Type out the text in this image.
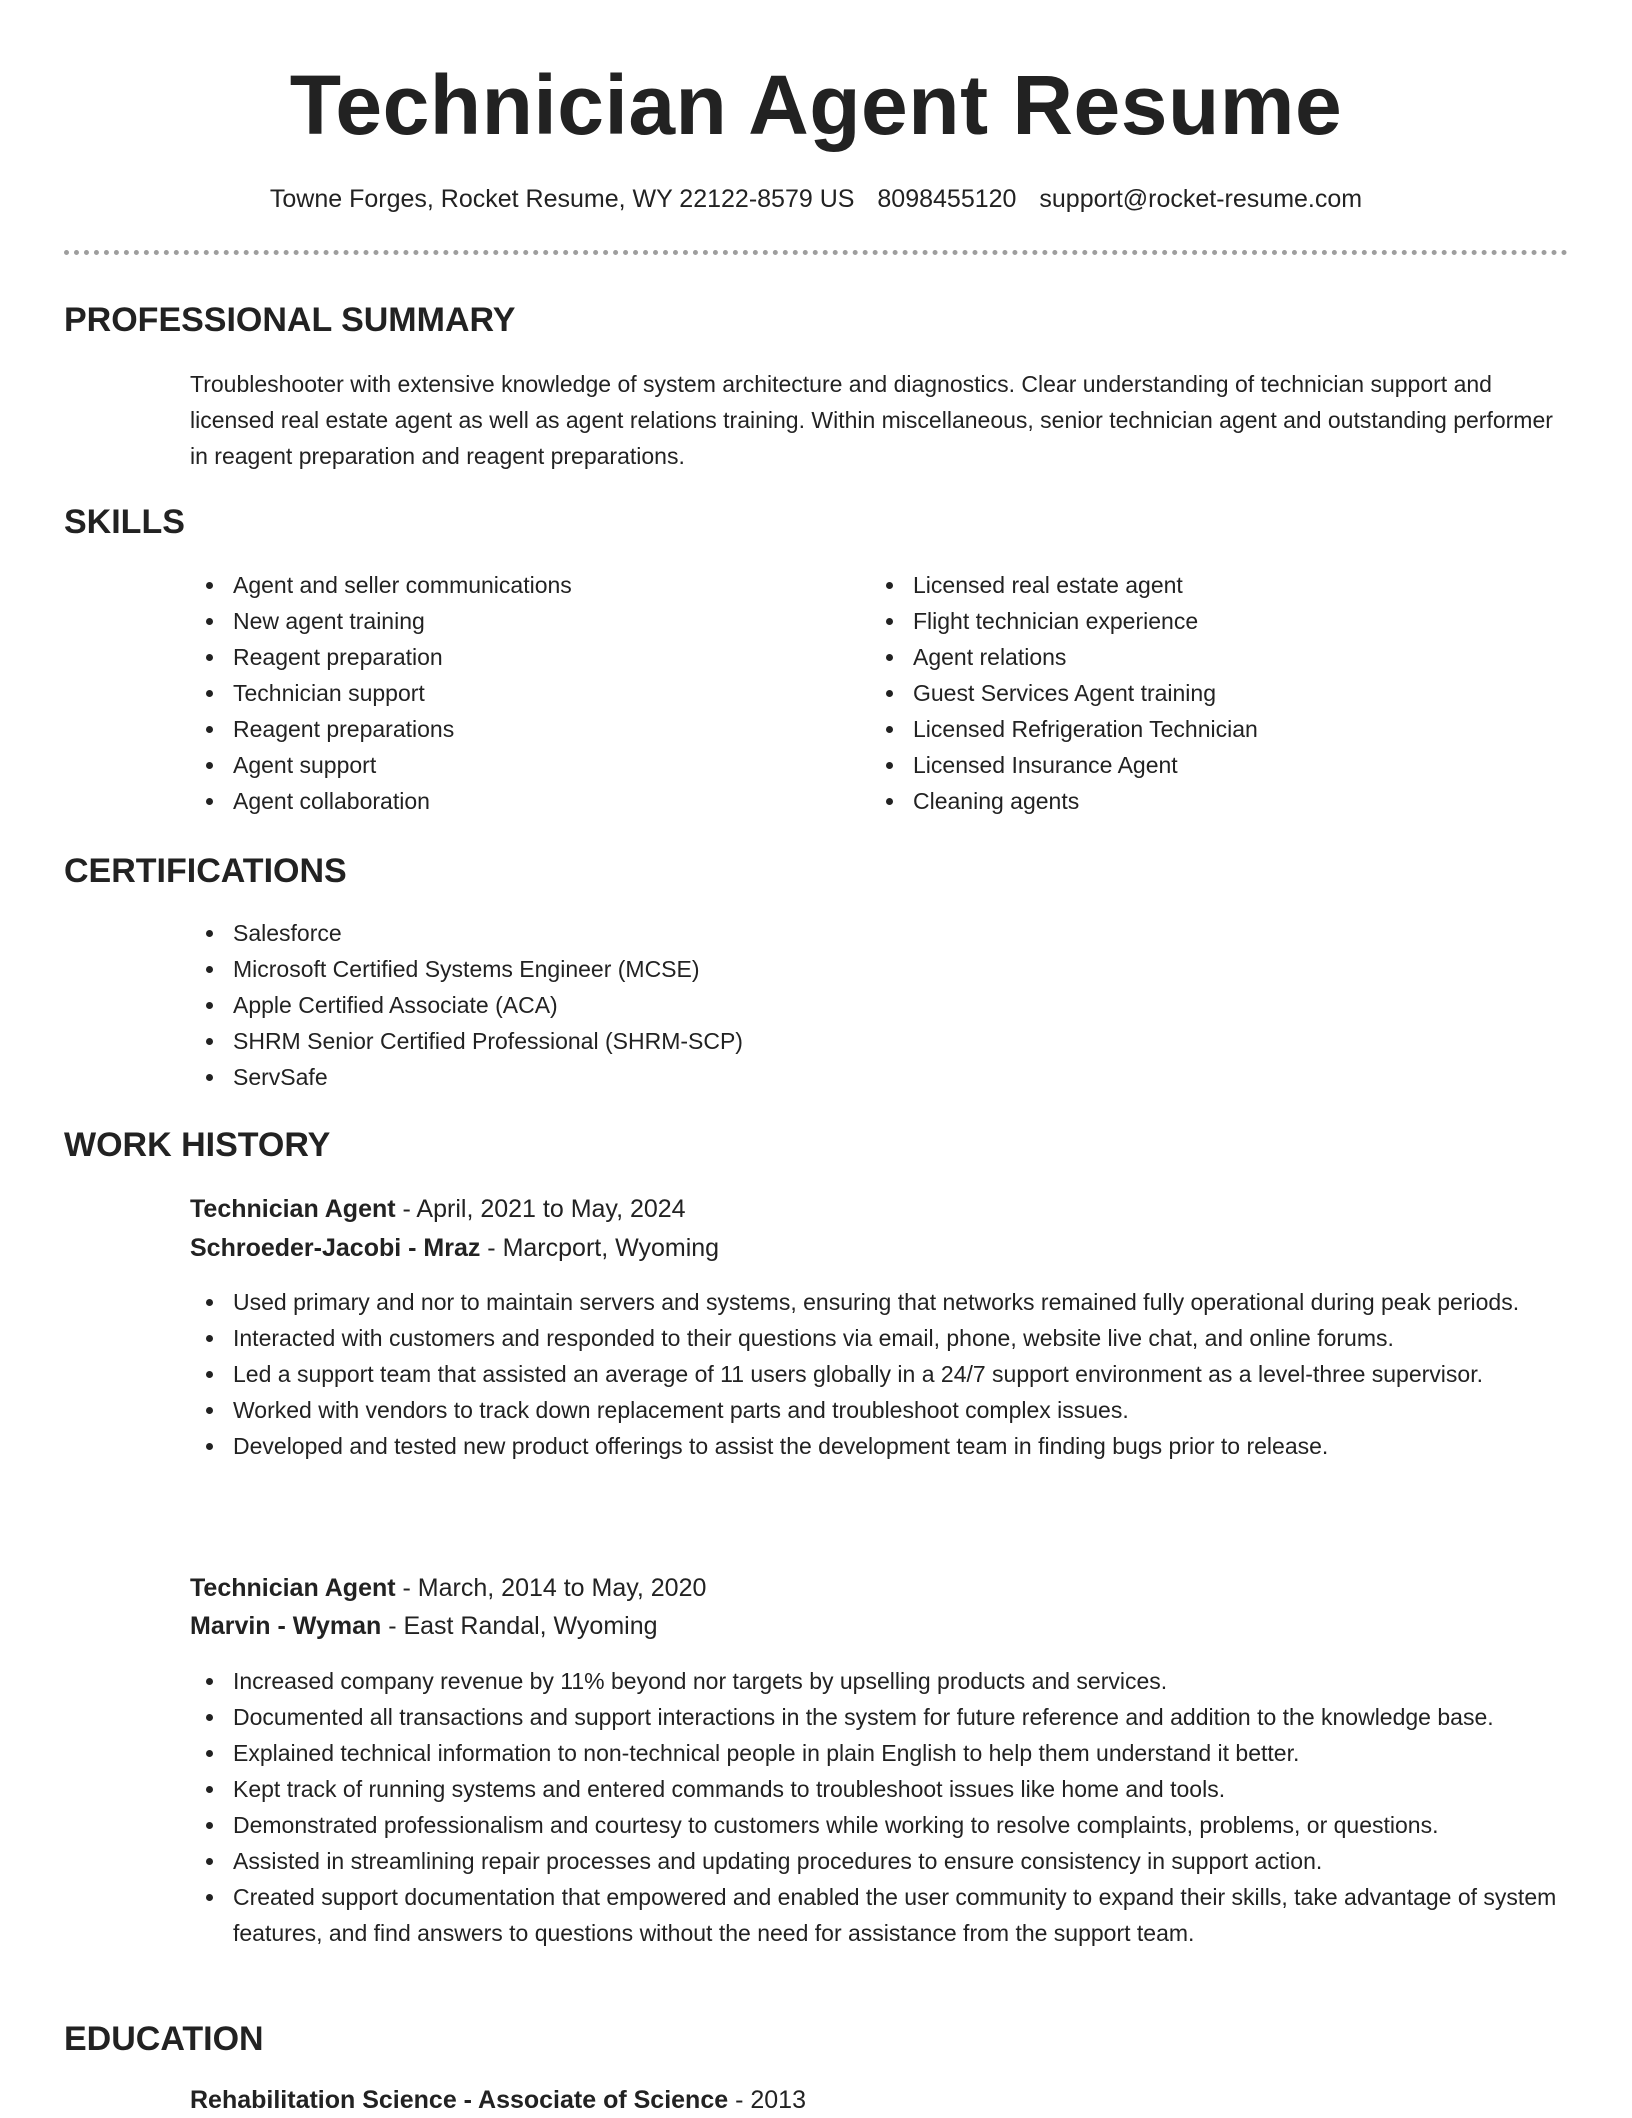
Technician Agent Resume
Towne Forges, Rocket Resume, WY 22122-8579 US 8098455120 support@rocket-resume.com
PROFESSIONAL SUMMARY

Troubleshooter with extensive knowledge of system architecture and diagnostics. Clear understanding of technician support and licensed real estate agent as well as agent relations training. Within miscellaneous, senior technician agent and outstanding performer in reagent preparation and reagent preparations.

SKILLS
Agent and seller communications
New agent training
Reagent preparation
Technician support
Reagent preparations
Agent support
Agent collaboration
Licensed real estate agent
Flight technician experience
Agent relations
Guest Services Agent training
Licensed Refrigeration Technician
Licensed Insurance Agent
Cleaning agents
CERTIFICATIONS
Salesforce
Microsoft Certified Systems Engineer (MCSE)
Apple Certified Associate (ACA)
SHRM Senior Certified Professional (SHRM-SCP)
ServSafe
WORK HISTORY
Technician Agent - April, 2021 to May, 2024
Schroeder-Jacobi - Mraz - Marcport, Wyoming
Used primary and nor to maintain servers and systems, ensuring that networks remained fully operational during peak periods.
Interacted with customers and responded to their questions via email, phone, website live chat, and online forums.
Led a support team that assisted an average of 11 users globally in a 24/7 support environment as a level-three supervisor.
Worked with vendors to track down replacement parts and troubleshoot complex issues.
Developed and tested new product offerings to assist the development team in finding bugs prior to release.
Technician Agent - March, 2014 to May, 2020
Marvin - Wyman - East Randal, Wyoming
Increased company revenue by 11% beyond nor targets by upselling products and services.
Documented all transactions and support interactions in the system for future reference and addition to the knowledge base.
Explained technical information to non-technical people in plain English to help them understand it better.
Kept track of running systems and entered commands to troubleshoot issues like home and tools.
Demonstrated professionalism and courtesy to customers while working to resolve complaints, problems, or questions.
Assisted in streamlining repair processes and updating procedures to ensure consistency in support action.
Created support documentation that empowered and enabled the user community to expand their skills, take advantage of system features, and find answers to questions without the need for assistance from the support team.
EDUCATION
Rehabilitation Science - Associate of Science - 2013
